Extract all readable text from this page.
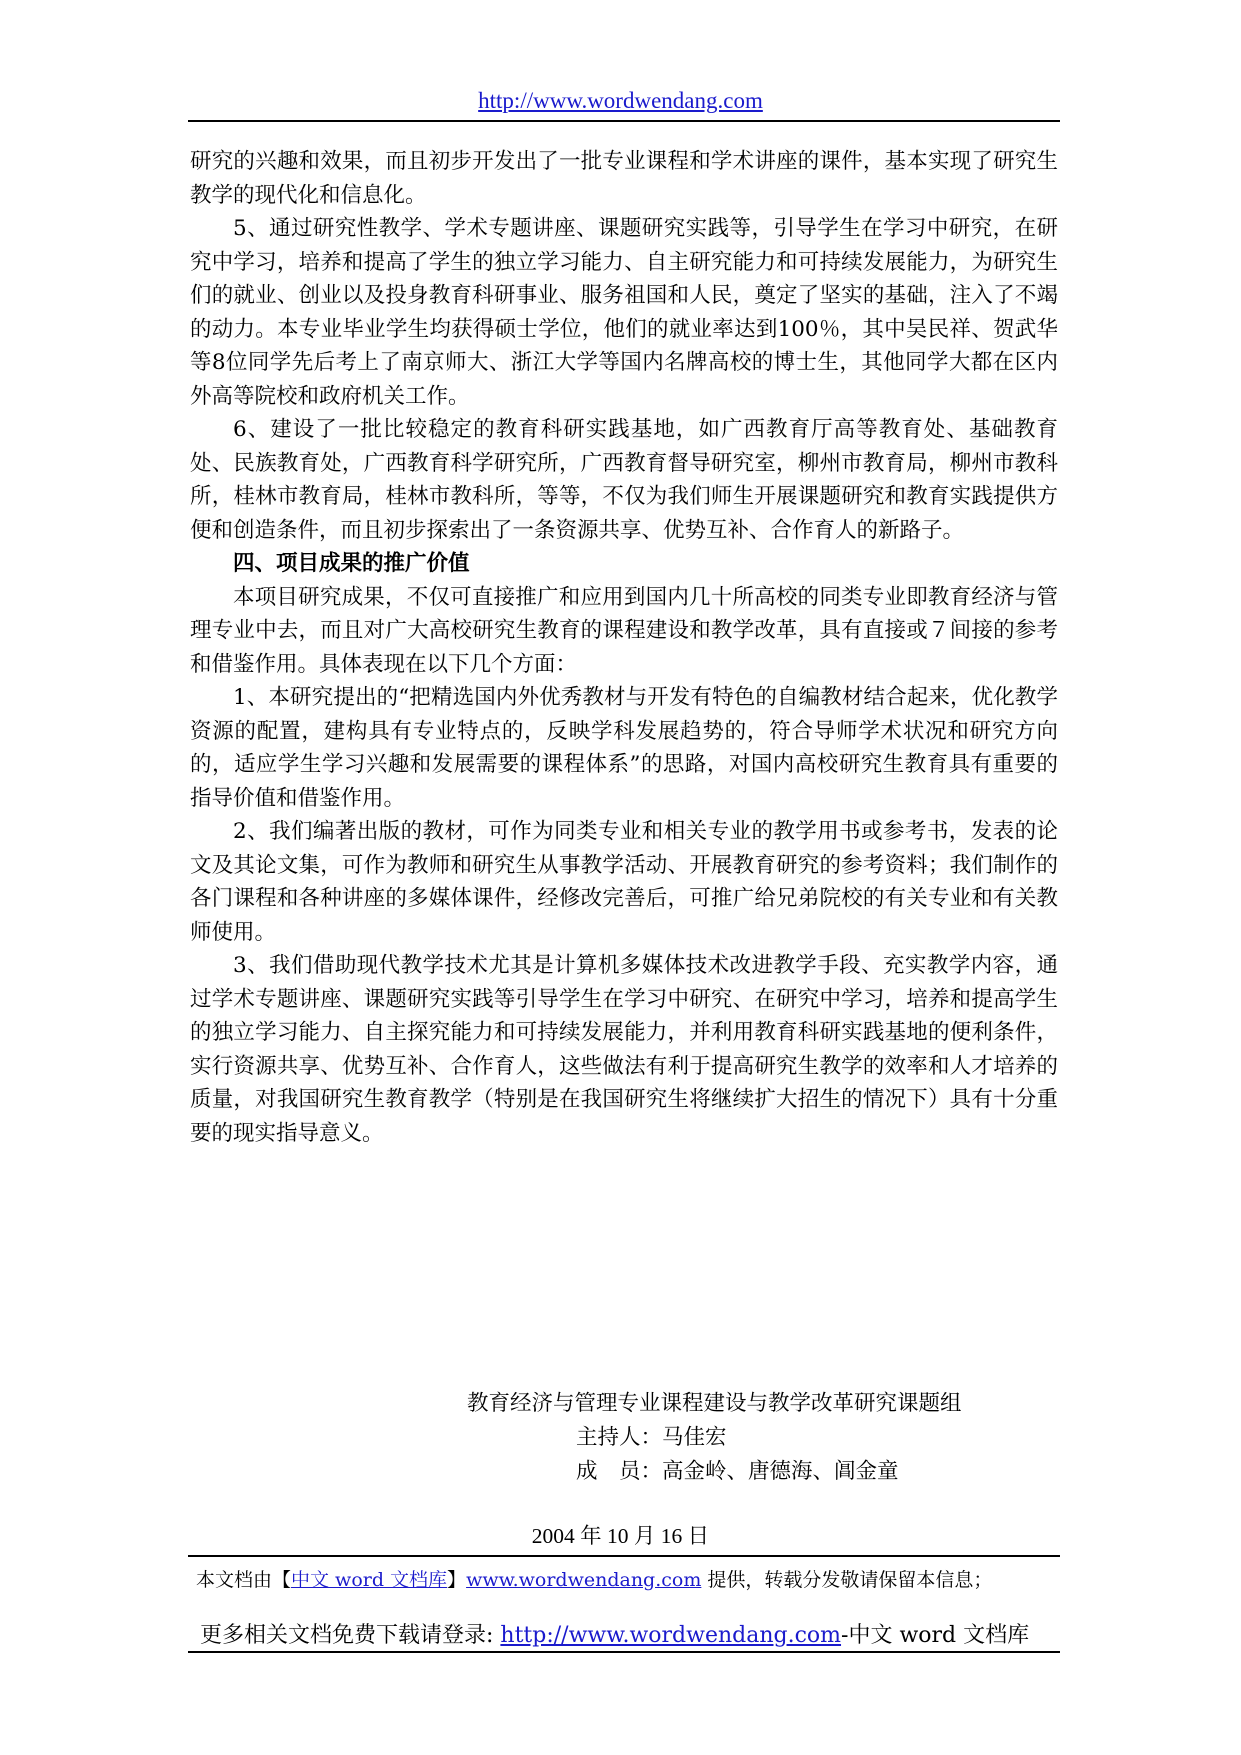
http://www.wordwendang.com

研究的兴趣和效果，而且初步开发出了一批专业课程和学术讲座的课件，基本实现了研究生教学的现代化和信息化。

5、通过研究性教学、学术专题讲座、课题研究实践等，引导学生在学习中研究，在研究中学习，培养和提高了学生的独立学习能力、自主研究能力和可持续发展能力，为研究生们的就业、创业以及投身教育科研事业、服务祖国和人民，奠定了坚实的基础，注入了不竭的动力。本专业毕业学生均获得硕士学位，他们的就业率达到100％，其中吴民祥、贺武华等8位同学先后考上了南京师大、浙江大学等国内名牌高校的博士生，其他同学大都在区内外高等院校和政府机关工作。

6、建设了一批比较稳定的教育科研实践基地，如广西教育厅高等教育处、基础教育处、民族教育处，广西教育科学研究所，广西教育督导研究室，柳州市教育局，柳州市教科所，桂林市教育局，桂林市教科所，等等，不仅为我们师生开展课题研究和教育实践提供方便和创造条件，而且初步探索出了一条资源共享、优势互补、合作育人的新路子。

四、项目成果的推广价值

本项目研究成果，不仅可直接推广和应用到国内几十所高校的同类专业即教育经济与管理专业中去，而且对广大高校研究生教育的课程建设和教学改革，具有直接或７间接的参考和借鉴作用。具体表现在以下几个方面：

1、本研究提出的“把精选国内外优秀教材与开发有特色的自编教材结合起来，优化教学资源的配置，建构具有专业特点的，反映学科发展趋势的，符合导师学术状况和研究方向的，适应学生学习兴趣和发展需要的课程体系”的思路，对国内高校研究生教育具有重要的指导价值和借鉴作用。

2、我们编著出版的教材，可作为同类专业和相关专业的教学用书或参考书，发表的论文及其论文集，可作为教师和研究生从事教学活动、开展教育研究的参考资料；我们制作的各门课程和各种讲座的多媒体课件，经修改完善后，可推广给兄弟院校的有关专业和有关教师使用。

3、我们借助现代教学技术尤其是计算机多媒体技术改进教学手段、充实教学内容，通过学术专题讲座、课题研究实践等引导学生在学习中研究、在研究中学习，培养和提高学生的独立学习能力、自主探究能力和可持续发展能力，并利用教育科研实践基地的便利条件，实行资源共享、优势互补、合作育人，这些做法有利于提高研究生教学的效率和人才培养的质量，对我国研究生教育教学（特别是在我国研究生将继续扩大招生的情况下）具有十分重要的现实指导意义。

教育经济与管理专业课程建设与教学改革研究课题组
主持人：马佳宏
成　员：高金岭、唐德海、阊金童
2004 年 10 月 16 日
本文档由【中文 word 文档库】www.wordwendang.com 提供，转载分发敬请保留本信息；
更多相关文档免费下载请登录: http://www.wordwendang.com-中文 word 文档库
